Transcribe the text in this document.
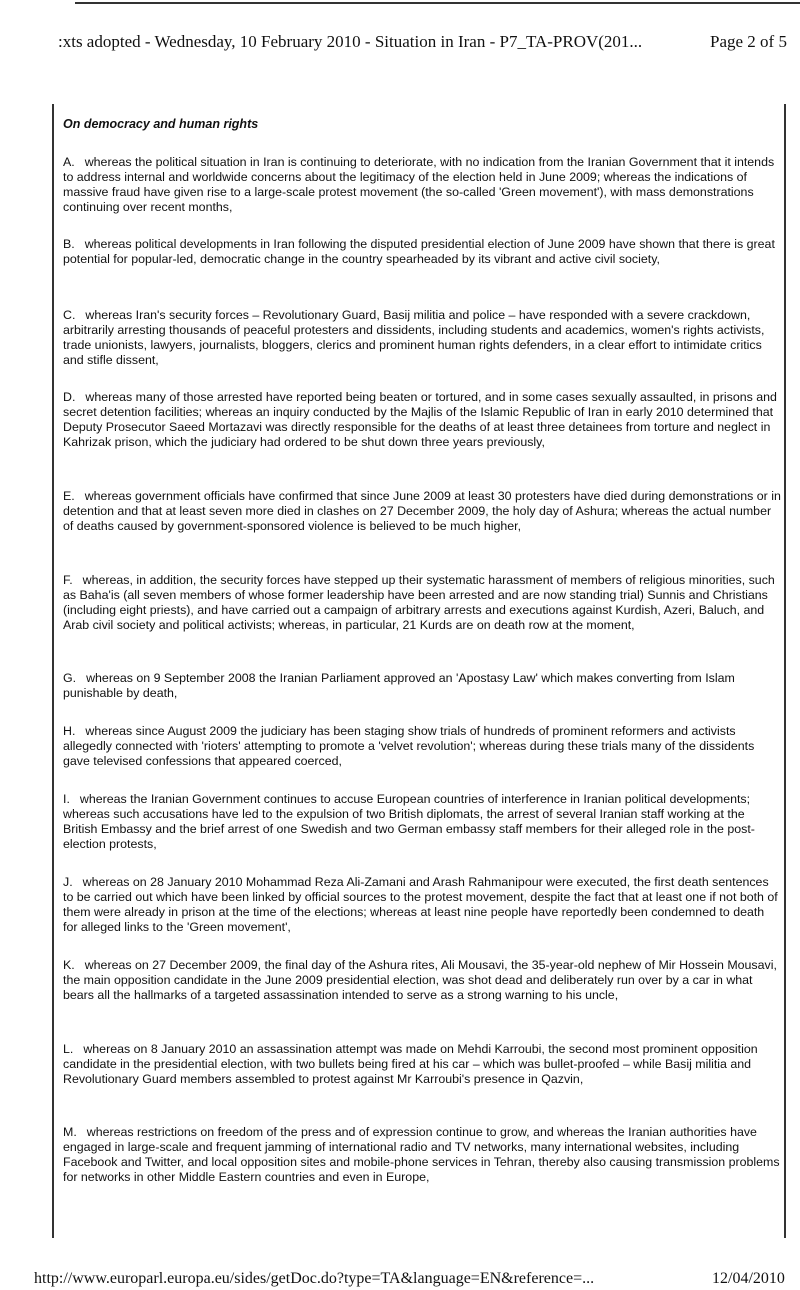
:xts adopted - Wednesday, 10 February 2010 - Situation in Iran - P7_TA-PROV(201...	Page 2 of 5
On democracy and human rights
A. whereas the political situation in Iran is continuing to deteriorate, with no indication from the Iranian Government that it intends to address internal and worldwide concerns about the legitimacy of the election held in June 2009; whereas the indications of massive fraud have given rise to a large-scale protest movement (the so-called 'Green movement'), with mass demonstrations continuing over recent months,
B. whereas political developments in Iran following the disputed presidential election of June 2009 have shown that there is great potential for popular-led, democratic change in the country spearheaded by its vibrant and active civil society,
C. whereas Iran's security forces – Revolutionary Guard, Basij militia and police – have responded with a severe crackdown, arbitrarily arresting thousands of peaceful protesters and dissidents, including students and academics, women's rights activists, trade unionists, lawyers, journalists, bloggers, clerics and prominent human rights defenders, in a clear effort to intimidate critics and stifle dissent,
D. whereas many of those arrested have reported being beaten or tortured, and in some cases sexually assaulted, in prisons and secret detention facilities; whereas an inquiry conducted by the Majlis of the Islamic Republic of Iran in early 2010 determined that Deputy Prosecutor Saeed Mortazavi was directly responsible for the deaths of at least three detainees from torture and neglect in Kahrizak prison, which the judiciary had ordered to be shut down three years previously,
E. whereas government officials have confirmed that since June 2009 at least 30 protesters have died during demonstrations or in detention and that at least seven more died in clashes on 27 December 2009, the holy day of Ashura; whereas the actual number of deaths caused by government-sponsored violence is believed to be much higher,
F. whereas, in addition, the security forces have stepped up their systematic harassment of members of religious minorities, such as Baha'is (all seven members of whose former leadership have been arrested and are now standing trial) Sunnis and Christians (including eight priests), and have carried out a campaign of arbitrary arrests and executions against Kurdish, Azeri, Baluch, and Arab civil society and political activists; whereas, in particular, 21 Kurds are on death row at the moment,
G. whereas on 9 September 2008 the Iranian Parliament approved an 'Apostasy Law' which makes converting from Islam punishable by death,
H. whereas since August 2009 the judiciary has been staging show trials of hundreds of prominent reformers and activists allegedly connected with 'rioters' attempting to promote a 'velvet revolution'; whereas during these trials many of the dissidents gave televised confessions that appeared coerced,
I. whereas the Iranian Government continues to accuse European countries of interference in Iranian political developments; whereas such accusations have led to the expulsion of two British diplomats, the arrest of several Iranian staff working at the British Embassy and the brief arrest of one Swedish and two German embassy staff members for their alleged role in the post-election protests,
J. whereas on 28 January 2010 Mohammad Reza Ali-Zamani and Arash Rahmanipour were executed, the first death sentences to be carried out which have been linked by official sources to the protest movement, despite the fact that at least one if not both of them were already in prison at the time of the elections; whereas at least nine people have reportedly been condemned to death for alleged links to the 'Green movement',
K. whereas on 27 December 2009, the final day of the Ashura rites, Ali Mousavi, the 35-year-old nephew of Mir Hossein Mousavi, the main opposition candidate in the June 2009 presidential election, was shot dead and deliberately run over by a car in what bears all the hallmarks of a targeted assassination intended to serve as a strong warning to his uncle,
L. whereas on 8 January 2010 an assassination attempt was made on Mehdi Karroubi, the second most prominent opposition candidate in the presidential election, with two bullets being fired at his car – which was bullet-proofed – while Basij militia and Revolutionary Guard members assembled to protest against Mr Karroubi's presence in Qazvin,
M. whereas restrictions on freedom of the press and of expression continue to grow, and whereas the Iranian authorities have engaged in large-scale and frequent jamming of international radio and TV networks, many international websites, including Facebook and Twitter, and local opposition sites and mobile-phone services in Tehran, thereby also causing transmission problems for networks in other Middle Eastern countries and even in Europe,
http://www.europarl.europa.eu/sides/getDoc.do?type=TA&language=EN&reference=...	12/04/2010
